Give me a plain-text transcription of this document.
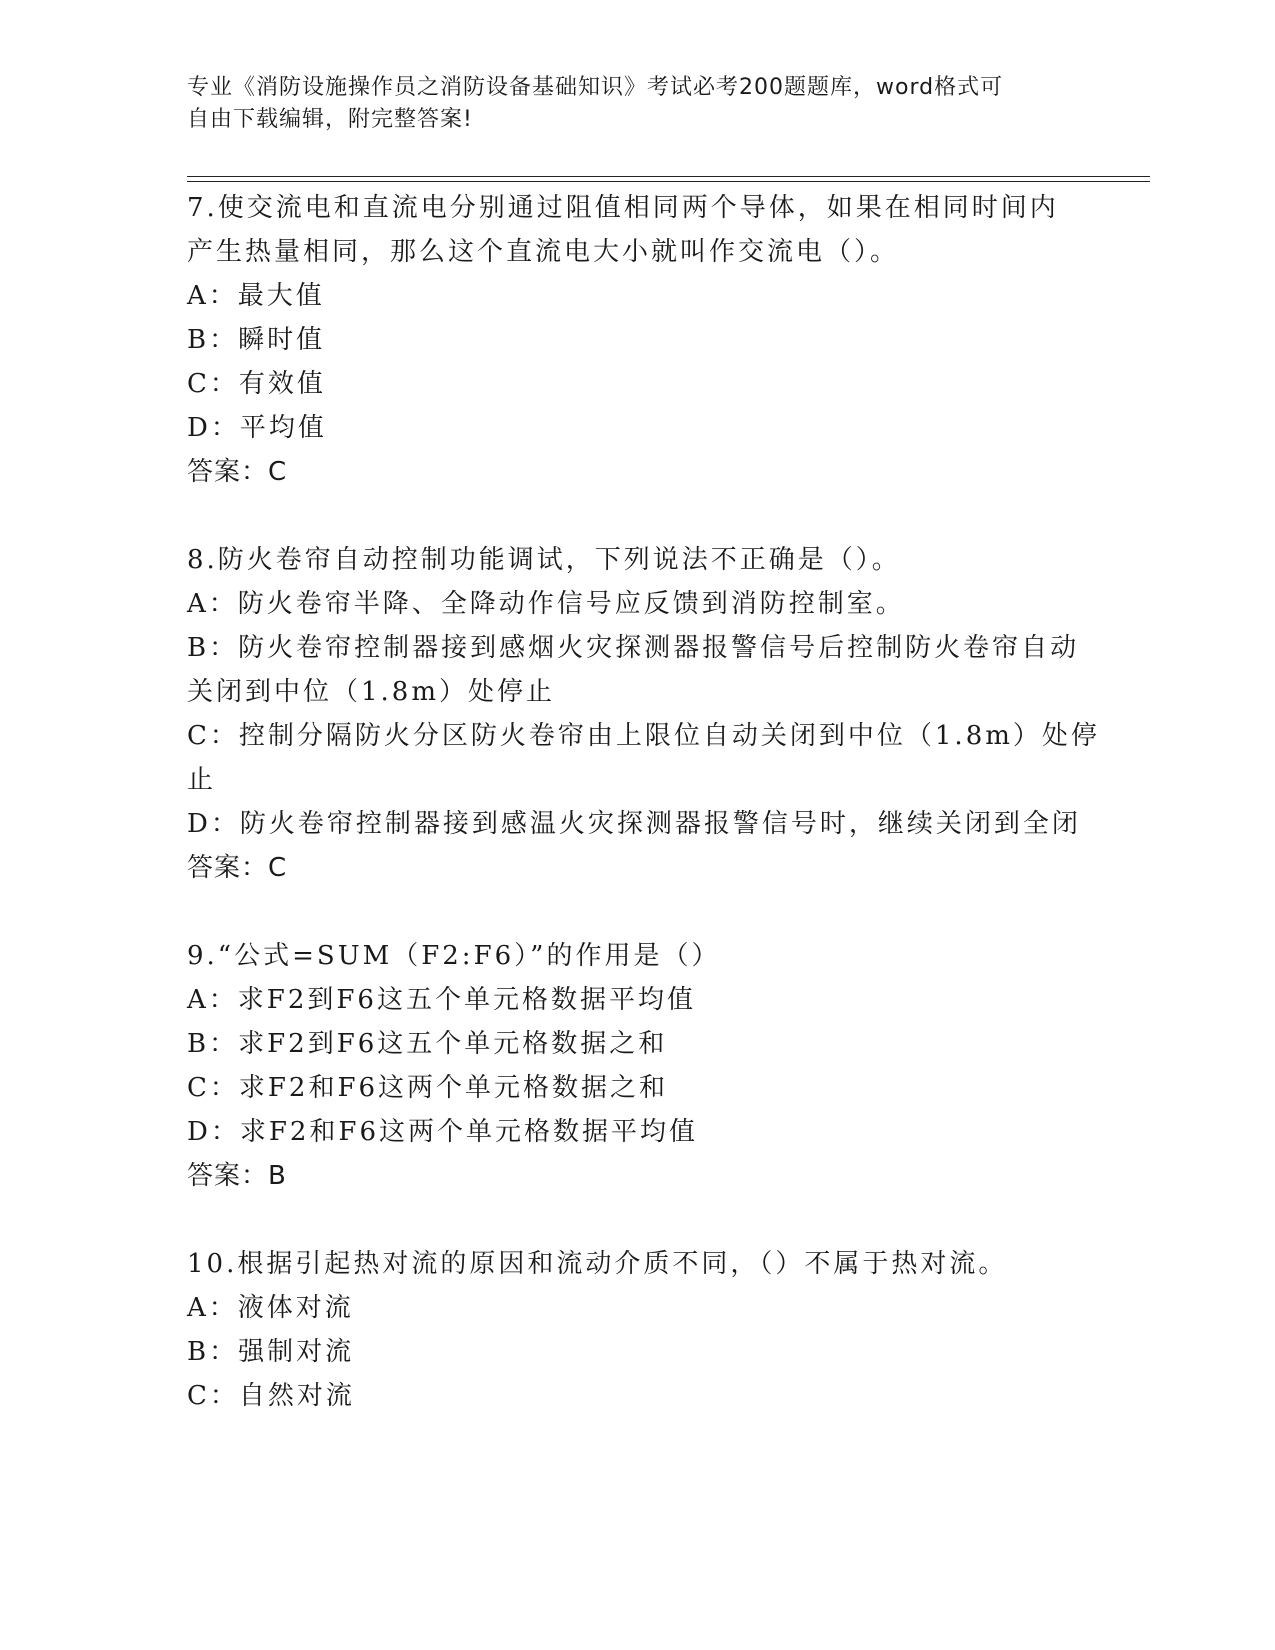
专业《消防设施操作员之消防设备基础知识》考试必考200题题库，word格式可
自由下载编辑，附完整答案!
7.使交流电和直流电分别通过阻值相同两个导体，如果在相同时间内
产生热量相同，那么这个直流电大小就叫作交流电（）。
A：最大值
B：瞬时值
C：有效值
D：平均值
答案：C
8.防火卷帘自动控制功能调试，下列说法不正确是（）。
A：防火卷帘半降、全降动作信号应反馈到消防控制室。
B：防火卷帘控制器接到感烟火灾探测器报警信号后控制防火卷帘自动
关闭到中位（1.8m）处停止
C：控制分隔防火分区防火卷帘由上限位自动关闭到中位（1.8m）处停
止
D：防火卷帘控制器接到感温火灾探测器报警信号时，继续关闭到全闭
答案：C
9.“公式=SUM（F2:F6）”的作用是（）
A：求F2到F6这五个单元格数据平均值
B：求F2到F6这五个单元格数据之和
C：求F2和F6这两个单元格数据之和
D：求F2和F6这两个单元格数据平均值
答案：B
10.根据引起热对流的原因和流动介质不同，（）不属于热对流。
A：液体对流
B：强制对流
C：自然对流
